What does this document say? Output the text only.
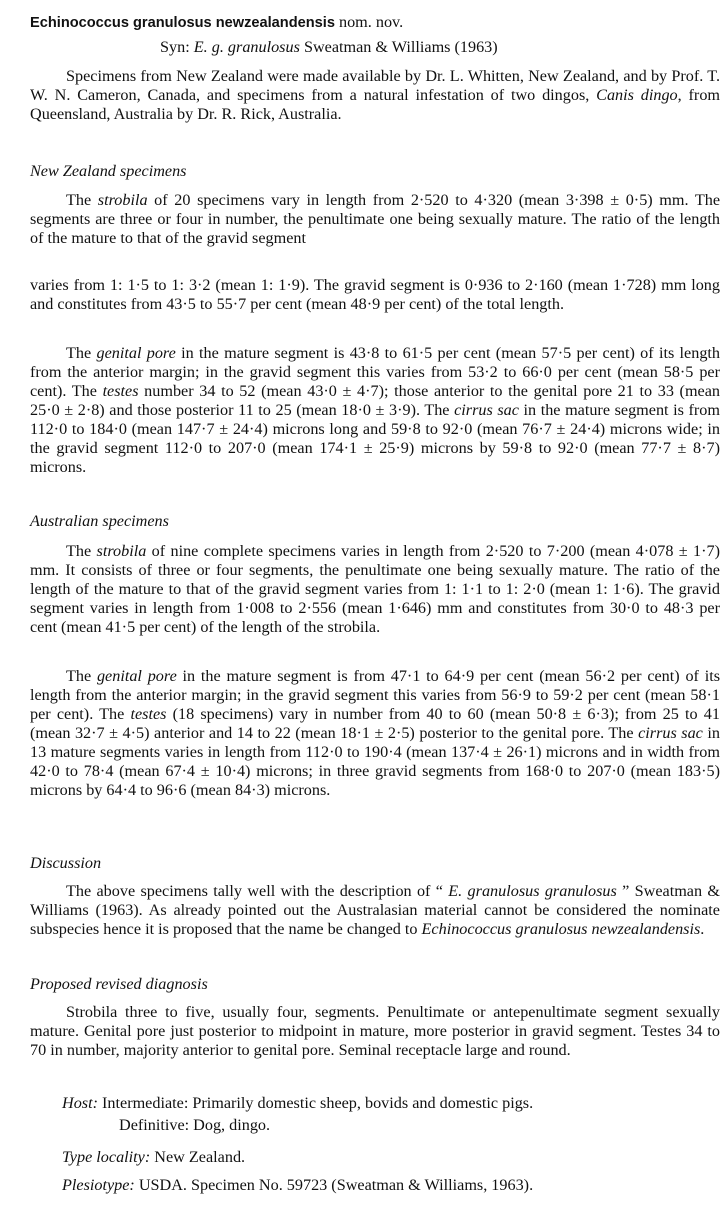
Echinococcus granulosus newzealandensis nom. nov.
Syn: E. g. granulosus Sweatman & Williams (1963)

Specimens from New Zealand were made available by Dr. L. Whitten, New Zealand, and by Prof. T. W. N. Cameron, Canada, and specimens from a natural infestation of two dingos, Canis dingo, from Queensland, Australia by Dr. R. Rick, Australia.

New Zealand specimens

The strobila of 20 specimens vary in length from 2·520 to 4·320 (mean 3·398 ± 0·5) mm. The segments are three or four in number, the penultimate one being sexually mature. The ratio of the length of the mature to that of the gravid segment

varies from 1: 1·5 to 1: 3·2 (mean 1: 1·9). The gravid segment is 0·936 to 2·160 (mean 1·728) mm long and constitutes from 43·5 to 55·7 per cent (mean 48·9 per cent) of the total length.

The genital pore in the mature segment is 43·8 to 61·5 per cent (mean 57·5 per cent) of its length from the anterior margin; in the gravid segment this varies from 53·2 to 66·0 per cent (mean 58·5 per cent). The testes number 34 to 52 (mean 43·0 ± 4·7); those anterior to the genital pore 21 to 33 (mean 25·0 ± 2·8) and those posterior 11 to 25 (mean 18·0 ± 3·9). The cirrus sac in the mature segment is from 112·0 to 184·0 (mean 147·7 ± 24·4) microns long and 59·8 to 92·0 (mean 76·7 ± 24·4) microns wide; in the gravid segment 112·0 to 207·0 (mean 174·1 ± 25·9) microns by 59·8 to 92·0 (mean 77·7 ± 8·7) microns.

Australian specimens

The strobila of nine complete specimens varies in length from 2·520 to 7·200 (mean 4·078 ± 1·7) mm. It consists of three or four segments, the penultimate one being sexually mature. The ratio of the length of the mature to that of the gravid segment varies from 1: 1·1 to 1: 2·0 (mean 1: 1·6). The gravid segment varies in length from 1·008 to 2·556 (mean 1·646) mm and constitutes from 30·0 to 48·3 per cent (mean 41·5 per cent) of the length of the strobila.

The genital pore in the mature segment is from 47·1 to 64·9 per cent (mean 56·2 per cent) of its length from the anterior margin; in the gravid segment this varies from 56·9 to 59·2 per cent (mean 58·1 per cent). The testes (18 specimens) vary in number from 40 to 60 (mean 50·8 ± 6·3); from 25 to 41 (mean 32·7 ± 4·5) anterior and 14 to 22 (mean 18·1 ± 2·5) posterior to the genital pore. The cirrus sac in 13 mature segments varies in length from 112·0 to 190·4 (mean 137·4 ± 26·1) microns and in width from 42·0 to 78·4 (mean 67·4 ± 10·4) microns; in three gravid segments from 168·0 to 207·0 (mean 183·5) microns by 64·4 to 96·6 (mean 84·3) microns.

Discussion

The above specimens tally well with the description of “ E. granulosus granulosus ” Sweatman & Williams (1963). As already pointed out the Australasian material cannot be considered the nominate subspecies hence it is proposed that the name be changed to Echinococcus granulosus newzealandensis.

Proposed revised diagnosis

Strobila three to five, usually four, segments. Penultimate or antepenultimate segment sexually mature. Genital pore just posterior to midpoint in mature, more posterior in gravid segment. Testes 34 to 70 in number, majority anterior to genital pore. Seminal receptacle large and round.

Host: Intermediate: Primarily domestic sheep, bovids and domestic pigs.
Definitive: Dog, dingo.
Type locality: New Zealand.
Plesiotype: USDA. Specimen No. 59723 (Sweatman & Williams, 1963).
